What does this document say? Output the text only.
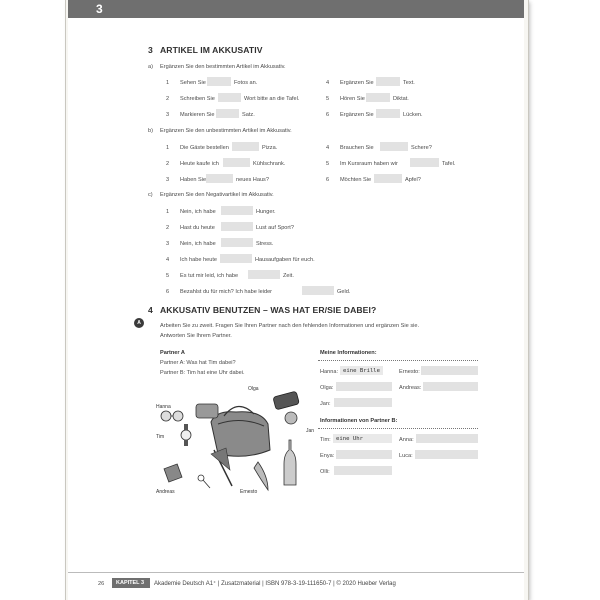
3
3 ARTIKEL IM AKKUSATIV
a) Ergänzen Sie den bestimmten Artikel im Akkusativ.
1 Sehen Sie	Fotos an.
2 Schreiben Sie	Wort bitte an die Tafel.
3 Markieren Sie	Satz.
4 Ergänzen Sie	Text.
5 Hören Sie	Diktat.
6 Ergänzen Sie	Lücken.
b) Ergänzen Sie den unbestimmten Artikel im Akkusativ.
1 Die Gäste bestellen	Pizza.
2 Heute kaufe ich	Kühlschrank.
3 Haben Sie	neues Haus?
4 Brauchen Sie	Schere?
5 Im Kursraum haben wir	Tafel.
6 Möchten Sie	Apfel?
c) Ergänzen Sie den Negativartikel im Akkusativ.
1 Nein, ich habe	Hunger.
2 Hast du heute	Lust auf Sport?
3 Nein, ich habe	Stress.
4 Ich habe heute	Hausaufgaben für euch.
5 Es tut mir leid, ich habe	Zeit.
6 Bezahlst du für mich? Ich habe leider	Geld.
4 AKKUSATIV BENUTZEN – WAS HAT ER/SIE DABEI?
A	Arbeiten Sie zu zweit. Fragen Sie Ihren Partner nach den fehlenden Informationen und ergänzen Sie sie.
Antworten Sie Ihrem Partner.
Partner A
Partner A: Was hat Tim dabei?
Partner B: Tim hat eine Uhr dabei.
Olga
Hanna
Tim
Jan
Andreas	Ernesto
Meine Informationen:
Hanna: eine Brille	Ernesto:
Olga:	Andreas:
Jan:
Informationen von Partner B:
Tim: eine Uhr	Anna:
Enya:	Luca:
Olli:
26 KAPITEL 3 Akademie Deutsch A1⁺ | Zusatzmaterial | ISBN 978-3-19-111650-7 | © 2020 Hueber Verlag
